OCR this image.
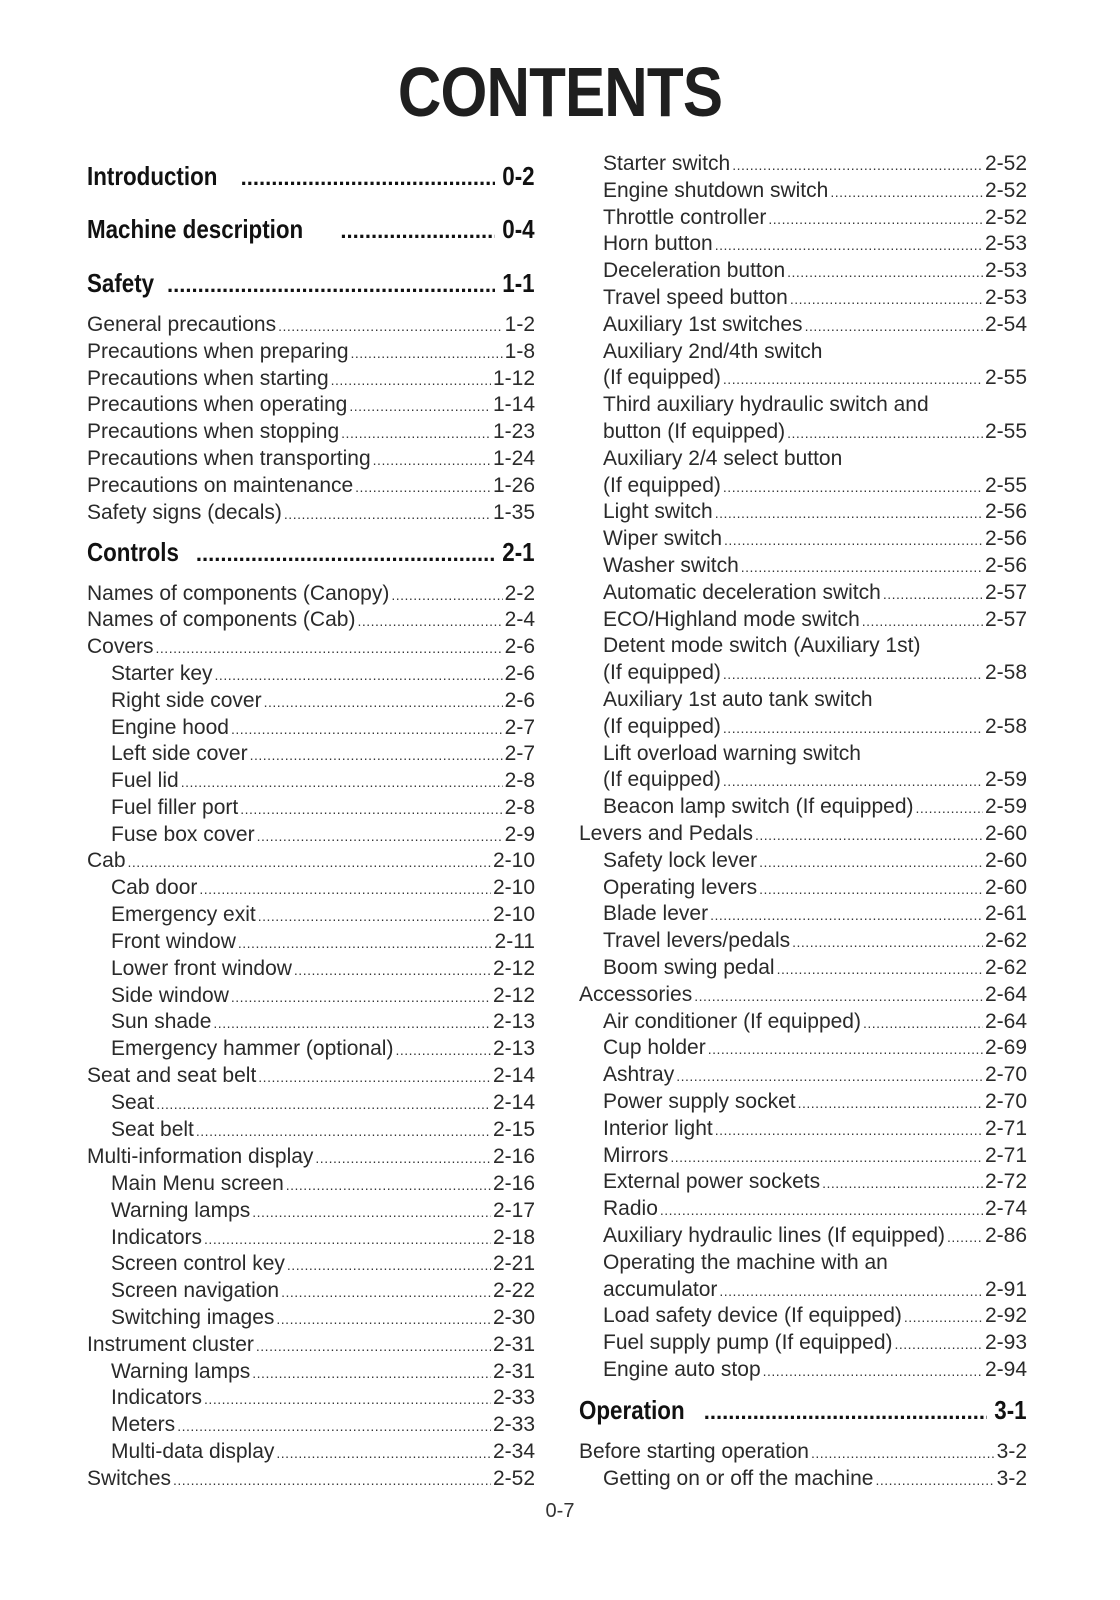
CONTENTS
Introduction .....	0-2
Machine description .....	0-4
Safety .....	1-1
General precautions .....	1-2
Precautions when preparing .....	1-8
Precautions when starting .....	1-12
Precautions when operating .....	1-14
Precautions when stopping .....	1-23
Precautions when transporting .....	1-24
Precautions on maintenance .....	1-26
Safety signs (decals) .....	1-35
Controls .....	2-1
Names of components (Canopy) .....	2-2
Names of components (Cab) .....	2-4
Covers .....	2-6
Starter key .....	2-6
Right side cover .....	2-6
Engine hood .....	2-7
Left side cover .....	2-7
Fuel lid .....	2-8
Fuel filler port .....	2-8
Fuse box cover .....	2-9
Cab .....	2-10
Cab door .....	2-10
Emergency exit .....	2-10
Front window .....	2-11
Lower front window .....	2-12
Side window .....	2-12
Sun shade .....	2-13
Emergency hammer (optional) .....	2-13
Seat and seat belt .....	2-14
Seat .....	2-14
Seat belt .....	2-15
Multi-information display .....	2-16
Main Menu screen .....	2-16
Warning lamps .....	2-17
Indicators .....	2-18
Screen control key .....	2-21
Screen navigation .....	2-22
Switching images .....	2-30
Instrument cluster .....	2-31
Warning lamps .....	2-31
Indicators .....	2-33
Meters .....	2-33
Multi-data display .....	2-34
Switches .....	2-52
Starter switch .....	2-52
Engine shutdown switch .....	2-52
Throttle controller .....	2-52
Horn button .....	2-53
Deceleration button .....	2-53
Travel speed button .....	2-53
Auxiliary 1st switches .....	2-54
Auxiliary 2nd/4th switch
(If equipped) .....	2-55
Third auxiliary hydraulic switch and
button (If equipped) .....	2-55
Auxiliary 2/4 select button
(If equipped) .....	2-55
Light switch .....	2-56
Wiper switch .....	2-56
Washer switch .....	2-56
Automatic deceleration switch .....	2-57
ECO/Highland mode switch .....	2-57
Detent mode switch (Auxiliary 1st)
(If equipped) .....	2-58
Auxiliary 1st auto tank switch
(If equipped) .....	2-58
Lift overload warning switch
(If equipped) .....	2-59
Beacon lamp switch (If equipped) .....	2-59
Levers and Pedals .....	2-60
Safety lock lever .....	2-60
Operating levers .....	2-60
Blade lever .....	2-61
Travel levers/pedals .....	2-62
Boom swing pedal .....	2-62
Accessories .....	2-64
Air conditioner (If equipped) .....	2-64
Cup holder .....	2-69
Ashtray .....	2-70
Power supply socket .....	2-70
Interior light .....	2-71
Mirrors .....	2-71
External power sockets .....	2-72
Radio .....	2-74
Auxiliary hydraulic lines (If equipped) ..... 2-86
Operating the machine with an
accumulator .....	2-91
Load safety device (If equipped) .....	2-92
Fuel supply pump (If equipped) .....	2-93
Engine auto stop .....	2-94
Operation .....	3-1
Before starting operation .....	3-2
Getting on or off the machine .....	3-2
0-7
